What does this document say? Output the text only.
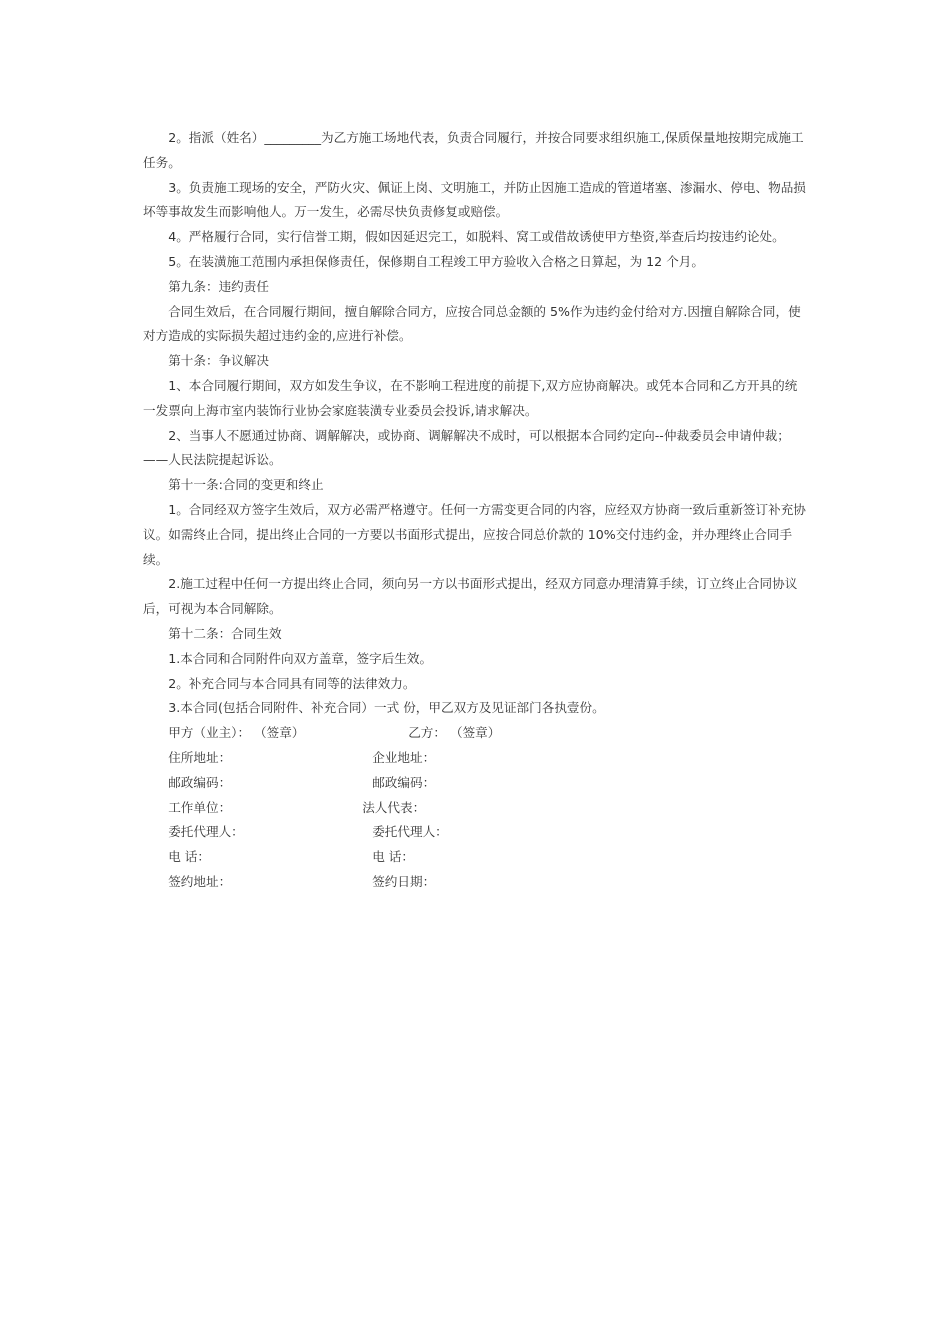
2。指派（姓名）_________为乙方施工场地代表，负责合同履行，并按合同要求组织施工,保质保量地按期完成施工任务。

3。负责施工现场的安全，严防火灾、佩证上岗、文明施工，并防止因施工造成的管道堵塞、渗漏水、停电、物品损坏等事故发生而影响他人。万一发生，必需尽快负责修复或赔偿。

4。严格履行合同，实行信誉工期，假如因延迟完工，如脱料、窝工或借故诱使甲方垫资,举查后均按违约论处。

5。在装潢施工范围内承担保修责任，保修期自工程竣工甲方验收入合格之日算起，为 12 个月。

第九条：违约责任

合同生效后，在合同履行期间，擅自解除合同方，应按合同总金额的 5%作为违约金付给对方.因擅自解除合同，使对方造成的实际损失超过违约金的,应进行补偿。

第十条：争议解决

1、本合同履行期间，双方如发生争议，在不影响工程进度的前提下,双方应协商解决。或凭本合同和乙方开具的统一发票向上海市室内装饰行业协会家庭装潢专业委员会投诉,请求解决。

2、当事人不愿通过协商、调解解决，或协商、调解解决不成时，可以根据本合同约定向--仲裁委员会申请仲裁；——人民法院提起诉讼。

第十一条:合同的变更和终止

1。合同经双方签字生效后，双方必需严格遵守。任何一方需变更合同的内容，应经双方协商一致后重新签订补充协议。如需终止合同，提出终止合同的一方要以书面形式提出，应按合同总价款的 10%交付违约金，并办理终止合同手续。

2.施工过程中任何一方提出终止合同，须向另一方以书面形式提出，经双方同意办理清算手续，订立终止合同协议后，可视为本合同解除。

第十二条：合同生效

1.本合同和合同附件向双方盖章，签字后生效。

2。补充合同与本合同具有同等的法律效力。

3.本合同(包括合同附件、补充合同）一式 份，甲乙双方及见证部门各执壹份。

甲方（业主）： （签章）	乙方： （签章）
住所地址：	企业地址：
邮政编码：	邮政编码：
工作单位：	法人代表：
委托代理人：	委托代理人：
电 话：	电 话：
签约地址：	签约日期：
